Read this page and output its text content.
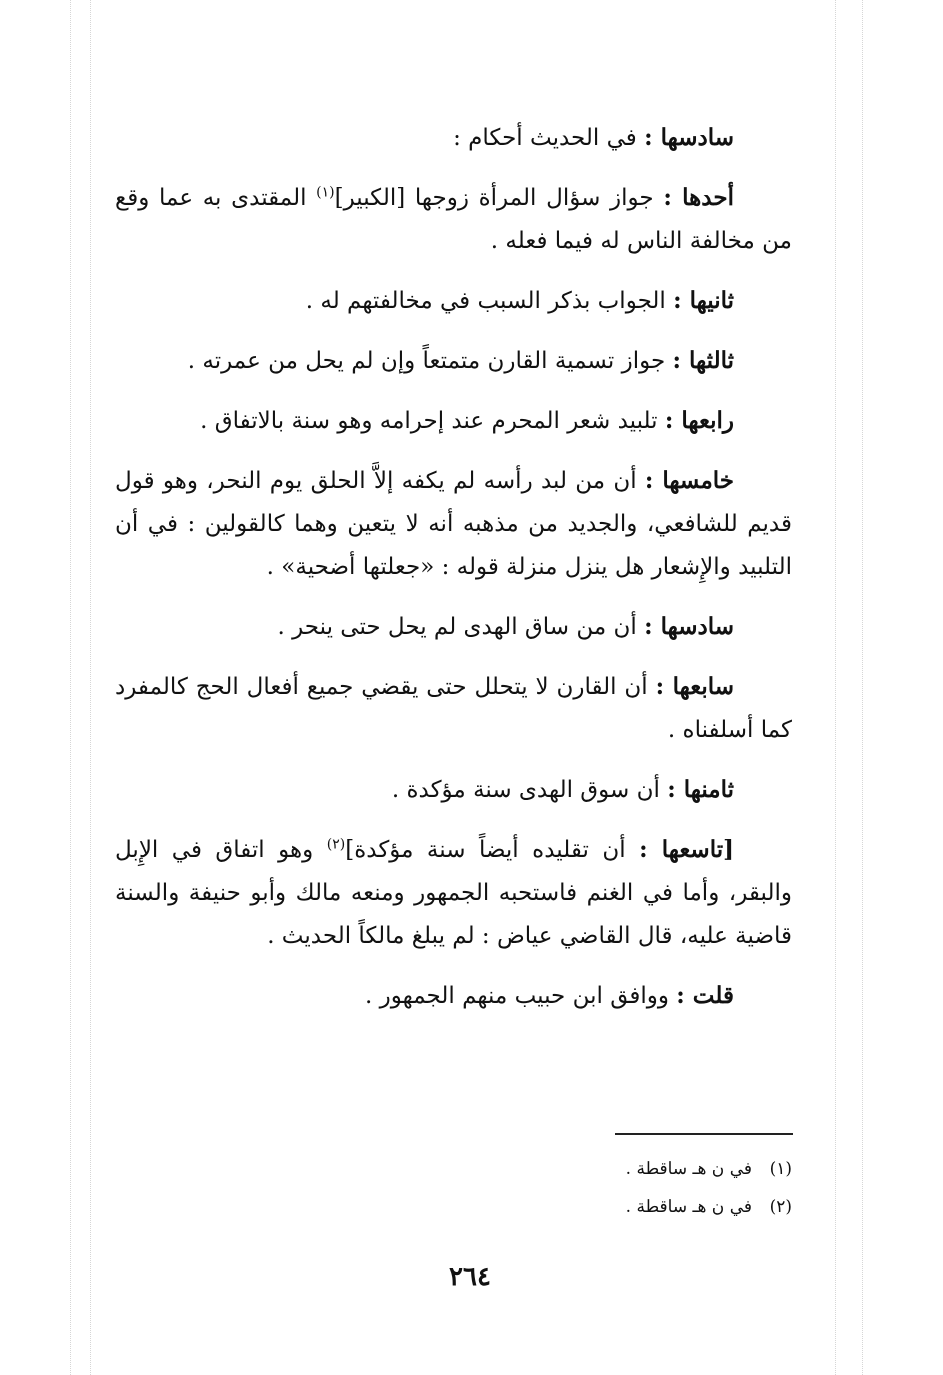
سادسها : في الحديث أحكام :

أحدها : جواز سؤال المرأة زوجها [الكبير]$^{(١)}$ المقتدى به عما وقع من مخالفة الناس له فيما فعله .

ثانيها : الجواب بذكر السبب في مخالفتهم له .

ثالثها : جواز تسمية القارن متمتعاً وإن لم يحل من عمرته .

رابعها : تلبيد شعر المحرم عند إحرامه وهو سنة بالاتفاق .

خامسها : أن من لبد رأسه لم يكفه إلاَّ الحلق يوم النحر، وهو قول قديم للشافعي، والجديد من مذهبه أنه لا يتعين وهما كالقولين : في أن التلبيد والإِشعار هل ينزل منزلة قوله : «جعلتها أضحية» .

سادسها : أن من ساق الهدى لم يحل حتى ينحر .

سابعها : أن القارن لا يتحلل حتى يقضي جميع أفعال الحج كالمفرد كما أسلفناه .

ثامنها : أن سوق الهدى سنة مؤكدة .

[تاسعها : أن تقليده أيضاً سنة مؤكدة]$^{(٢)}$ وهو اتفاق في الإِبل والبقر، وأما في الغنم فاستحبه الجمهور ومنعه مالك وأبو حنيفة والسنة قاضية عليه، قال القاضي عياض : لم يبلغ مالكاً الحديث .

قلت : ووافق ابن حبيب منهم الجمهور .

(١)في ن هـ ساقطة .
(٢)في ن هـ ساقطة .
٢٦٤
